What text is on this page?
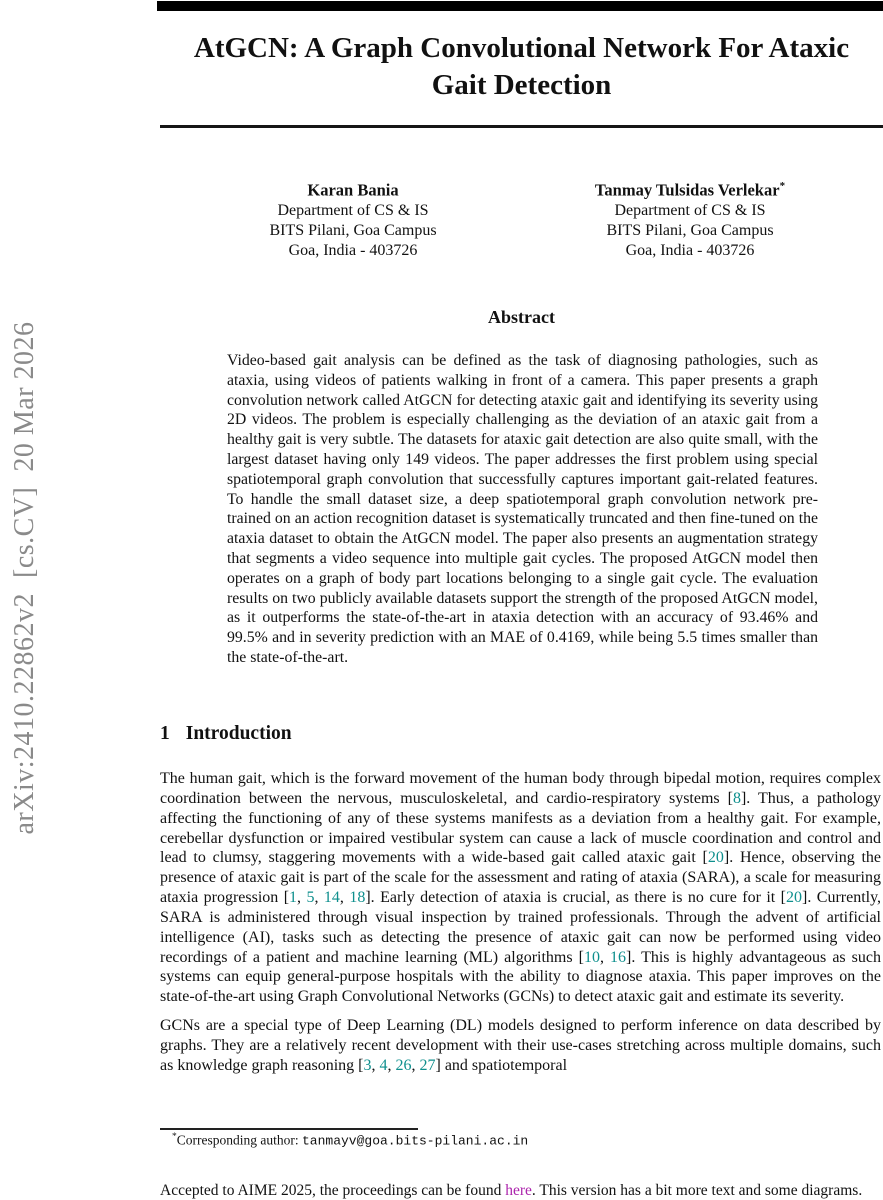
arXiv:2410.22862v2  [cs.CV]  20 Mar 2026
AtGCN: A Graph Convolutional Network For Ataxic
Gait Detection
Karan Bania
Department of CS & IS
BITS Pilani, Goa Campus
Goa, India - 403726
Tanmay Tulsidas Verlekar*
Department of CS & IS
BITS Pilani, Goa Campus
Goa, India - 403726
Abstract
Video-based gait analysis can be defined as the task of diagnosing pathologies, such as ataxia, using videos of patients walking in front of a camera. This paper presents a graph convolution network called AtGCN for detecting ataxic gait and identifying its severity using 2D videos. The problem is especially challenging as the deviation of an ataxic gait from a healthy gait is very subtle. The datasets for ataxic gait detection are also quite small, with the largest dataset having only 149 videos. The paper addresses the first problem using special spatiotemporal graph convolution that successfully captures important gait-related features. To handle the small dataset size, a deep spatiotemporal graph convolution network pre-trained on an action recognition dataset is systematically truncated and then fine-tuned on the ataxia dataset to obtain the AtGCN model. The paper also presents an augmentation strategy that segments a video sequence into multiple gait cycles. The proposed AtGCN model then operates on a graph of body part locations belonging to a single gait cycle. The evaluation results on two publicly available datasets support the strength of the proposed AtGCN model, as it outperforms the state-of-the-art in ataxia detection with an accuracy of 93.46% and 99.5% and in severity prediction with an MAE of 0.4169, while being 5.5 times smaller than the state-of-the-art.
1 Introduction

The human gait, which is the forward movement of the human body through bipedal motion, requires complex coordination between the nervous, musculoskeletal, and cardio-respiratory systems [8]. Thus, a pathology affecting the functioning of any of these systems manifests as a deviation from a healthy gait. For example, cerebellar dysfunction or impaired vestibular system can cause a lack of muscle coordination and control and lead to clumsy, staggering movements with a wide-based gait called ataxic gait [20]. Hence, observing the presence of ataxic gait is part of the scale for the assessment and rating of ataxia (SARA), a scale for measuring ataxia progression [1, 5, 14, 18]. Early detection of ataxia is crucial, as there is no cure for it [20]. Currently, SARA is administered through visual inspection by trained professionals. Through the advent of artificial intelligence (AI), tasks such as detecting the presence of ataxic gait can now be performed using video recordings of a patient and machine learning (ML) algorithms [10, 16]. This is highly advantageous as such systems can equip general-purpose hospitals with the ability to diagnose ataxia. This paper improves on the state-of-the-art using Graph Convolutional Networks (GCNs) to detect ataxic gait and estimate its severity.

GCNs are a special type of Deep Learning (DL) models designed to perform inference on data described by graphs. They are a relatively recent development with their use-cases stretching across multiple domains, such as knowledge graph reasoning [3, 4, 26, 27] and spatiotemporal

*Corresponding author: tanmayv@goa.bits-pilani.ac.in
Accepted to AIME 2025, the proceedings can be found here. This version has a bit more text and some diagrams.
